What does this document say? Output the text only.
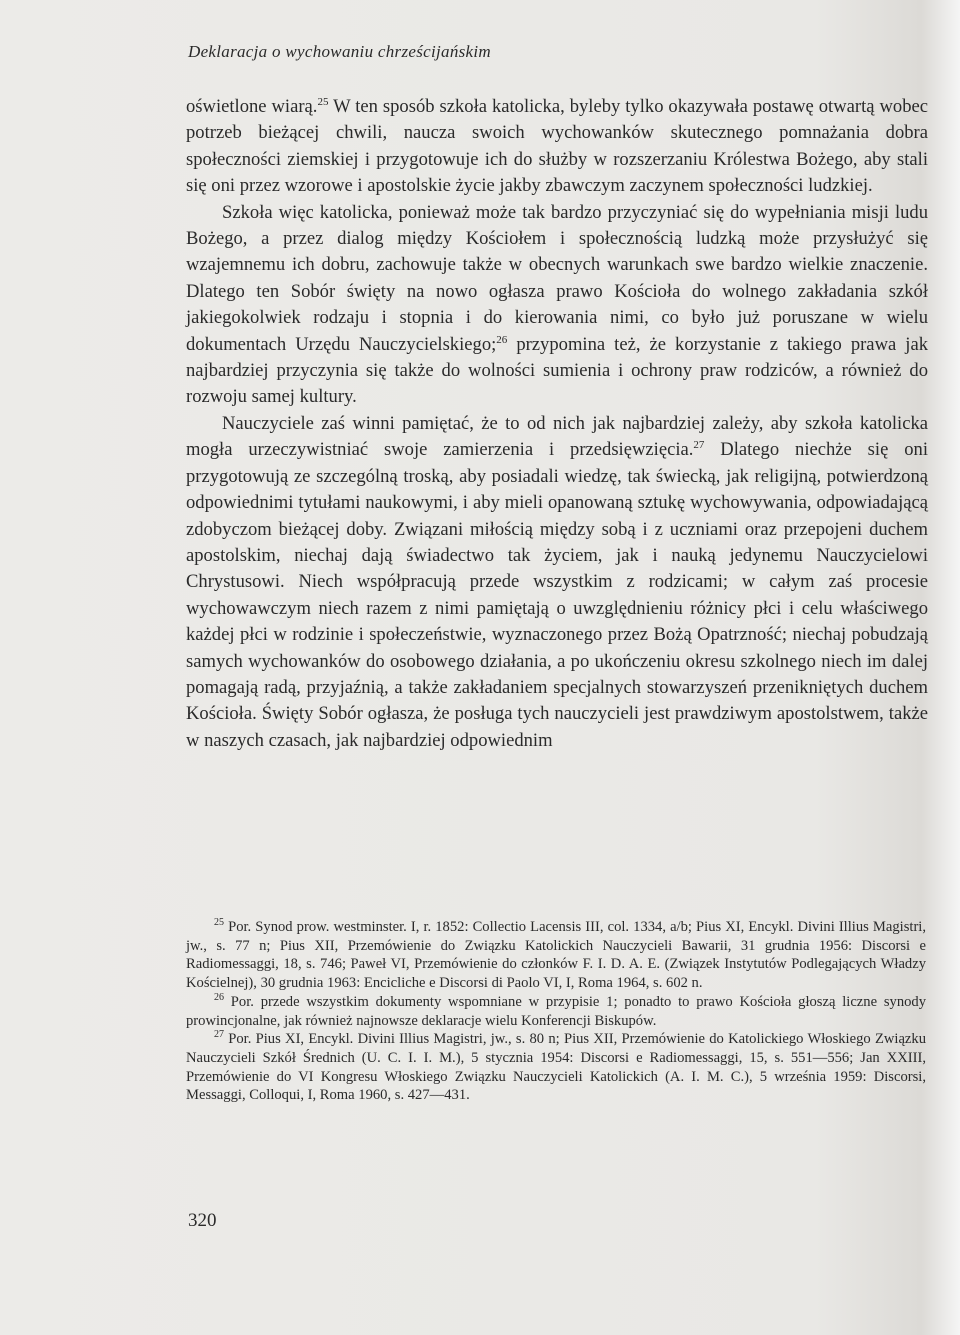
Deklaracja o wychowaniu chrześcijańskim

oświetlone wiarą.$^{25}$ W ten sposób szkoła katolicka, byleby tylko okazywała postawę otwartą wobec potrzeb bieżącej chwili, naucza swoich wychowanków skutecznego pomnażania dobra społeczności ziemskiej i przygotowuje ich do służby w rozszerzaniu Królestwa Bożego, aby stali się oni przez wzorowe i apostolskie życie jakby zbawczym zaczynem społeczności ludzkiej.

Szkoła więc katolicka, ponieważ może tak bardzo przyczyniać się do wypełniania misji ludu Bożego, a przez dialog między Kościołem i społecznością ludzką może przysłużyć się wzajemnemu ich dobru, zachowuje także w obecnych warunkach swe bardzo wielkie znaczenie. Dlatego ten Sobór święty na nowo ogłasza prawo Kościoła do wolnego zakładania szkół jakiegokolwiek rodzaju i stopnia i do kierowania nimi, co było już poruszane w wielu dokumentach Urzędu Nauczycielskiego;$^{26}$ przypomina też, że korzystanie z takiego prawa jak najbardziej przyczynia się także do wolności sumienia i ochrony praw rodziców, a również do rozwoju samej kultury.

Nauczyciele zaś winni pamiętać, że to od nich jak najbardziej zależy, aby szkoła katolicka mogła urzeczywistniać swoje zamierzenia i przedsięwzięcia.$^{27}$ Dlatego niechże się oni przygotowują ze szczególną troską, aby posiadali wiedzę, tak świecką, jak religijną, potwierdzoną odpowiednimi tytułami naukowymi, i aby mieli opanowaną sztukę wychowywania, odpowiadającą zdobyczom bieżącej doby. Związani miłością między sobą i z uczniami oraz przepojeni duchem apostolskim, niechaj dają świadectwo tak życiem, jak i nauką jedynemu Nauczycielowi Chrystusowi. Niech współpracują przede wszystkim z rodzicami; w całym zaś procesie wychowawczym niech razem z nimi pamiętają o uwzględnieniu różnicy płci i celu właściwego każdej płci w rodzinie i społeczeństwie, wyznaczonego przez Bożą Opatrzność; niechaj pobudzają samych wychowanków do osobowego działania, a po ukończeniu okresu szkolnego niech im dalej pomagają radą, przyjaźnią, a także zakładaniem specjalnych stowarzyszeń przenikniętych duchem Kościoła. Święty Sobór ogłasza, że posługa tych nauczycieli jest prawdziwym apostolstwem, także w naszych czasach, jak najbardziej odpowiednim

$^{25}$ Por. Synod prow. westminster. I, r. 1852: Collectio Lacensis III, col. 1334, a/b; Pius XI, Encykl. Divini Illius Magistri, jw., s. 77 n; Pius XII, Przemówienie do Związku Katolickich Nauczycieli Bawarii, 31 grudnia 1956: Discorsi e Radiomessaggi, 18, s. 746; Paweł VI, Przemówienie do członków F. I. D. A. E. (Związek Instytutów Podlegających Władzy Kościelnej), 30 grudnia 1963: Encicliche e Discorsi di Paolo VI, I, Roma 1964, s. 602 n.

$^{26}$ Por. przede wszystkim dokumenty wspomniane w przypisie 1; ponadto to prawo Kościoła głoszą liczne synody prowincjonalne, jak również najnowsze deklaracje wielu Konferencji Biskupów.

$^{27}$ Por. Pius XI, Encykl. Divini Illius Magistri, jw., s. 80 n; Pius XII, Przemówienie do Katolickiego Włoskiego Związku Nauczycieli Szkół Średnich (U. C. I. I. M.), 5 stycznia 1954: Discorsi e Radiomessaggi, 15, s. 551—556; Jan XXIII, Przemówienie do VI Kongresu Włoskiego Związku Nauczycieli Katolickich (A. I. M. C.), 5 września 1959: Discorsi, Messaggi, Colloqui, I, Roma 1960, s. 427—431.

320
